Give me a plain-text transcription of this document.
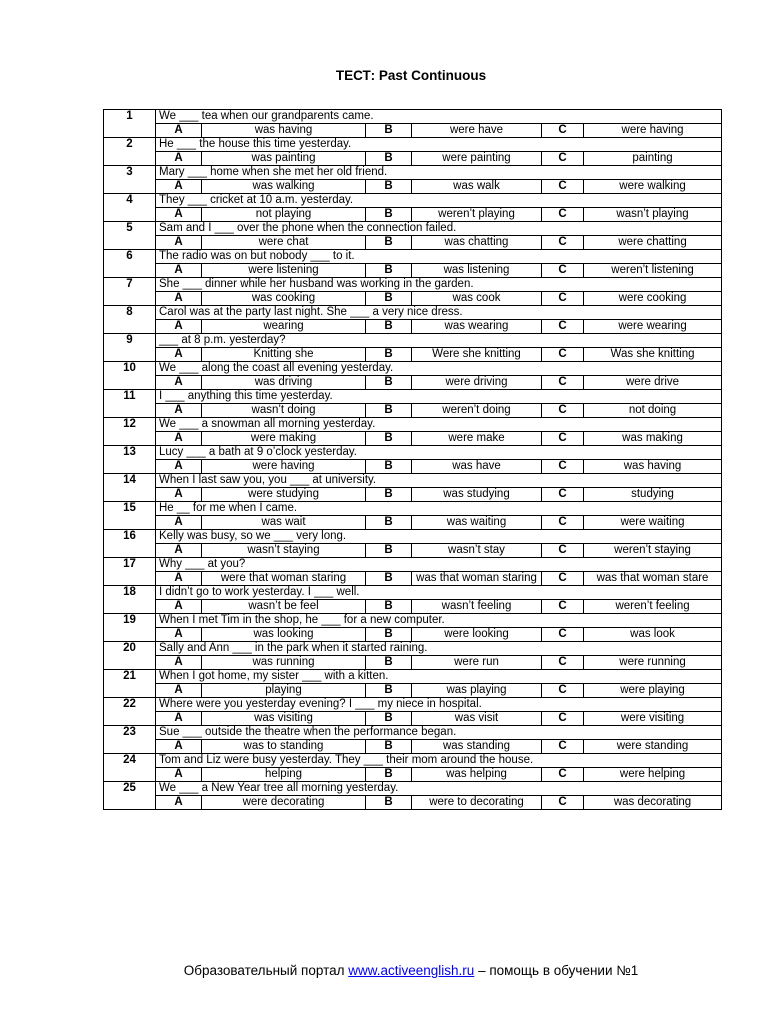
ТЕСТ: Past Continuous
1	We ___ tea when our grandparents came.					
	A	was having	B	were have	C	were having
2	He ___ the house this time yesterday.					
	A	was painting	B	were painting	C	painting
3	Mary ___ home when she met her old friend.					
	A	was walking	B	was walk	C	were walking
4	They ___ cricket at 10 a.m. yesterday.					
	A	not playing	B	weren’t playing	C	wasn’t playing
5	Sam and I ___ over the phone when the connection failed.					
	A	were chat	B	was chatting	C	were chatting
6	The radio was on but nobody ___ to it.					
	A	were listening	B	was listening	C	weren’t listening
7	She ___ dinner while her husband was working in the garden.					
	A	was cooking	B	was cook	C	were cooking
8	Carol was at the party last night. She ___ a very nice dress.					
	A	wearing	B	was wearing	C	were wearing
9	___ at 8 p.m. yesterday?					
	A	Knitting she	B	Were she knitting	C	Was she knitting
10	We ___ along the coast all evening yesterday.					
	A	was driving	B	were driving	C	were drive
11	I ___ anything this time yesterday.					
	A	wasn’t doing	B	weren’t doing	C	not doing
12	We ___ a snowman all morning yesterday.					
	A	were making	B	were make	C	was making
13	Lucy ___ a bath at 9 o’clock yesterday.					
	A	were having	B	was have	C	was having
14	When I last saw you, you ___ at university.					
	A	were studying	B	was studying	C	studying
15	He __ for me when I came.					
	A	was wait	B	was waiting	C	were waiting
16	Kelly was busy, so we ___ very long.					
	A	wasn’t staying	B	wasn’t stay	C	weren’t staying
17	Why ___ at you?					
	A	were that woman staring	B	was that woman staring	C	was that woman stare
18	I didn’t go to work yesterday. I ___ well.					
	A	wasn’t be feel	B	wasn’t feeling	C	weren’t feeling
19	When I met Tim in the shop, he ___ for a new computer.					
	A	was looking	B	were looking	C	was look
20	Sally and Ann ___ in the park when it started raining.					
	A	was running	B	were run	C	were running
21	When I got home, my sister ___ with a kitten.					
	A	playing	B	was playing	C	were playing
22	Where were you yesterday evening? I ___ my niece in hospital.					
	A	was visiting	B	was visit	C	were visiting
23	Sue ___ outside the theatre when the performance began.					
	A	was to standing	B	was standing	C	were standing
24	Tom and Liz were busy yesterday. They ___ their mom around the house.					
	A	helping	B	was helping	C	were helping
25	We ___ a New Year tree all morning yesterday.					
	A	were decorating	B	were to decorating	C	was decorating
Образовательный портал www.activeenglish.ru – помощь в обучении №1
